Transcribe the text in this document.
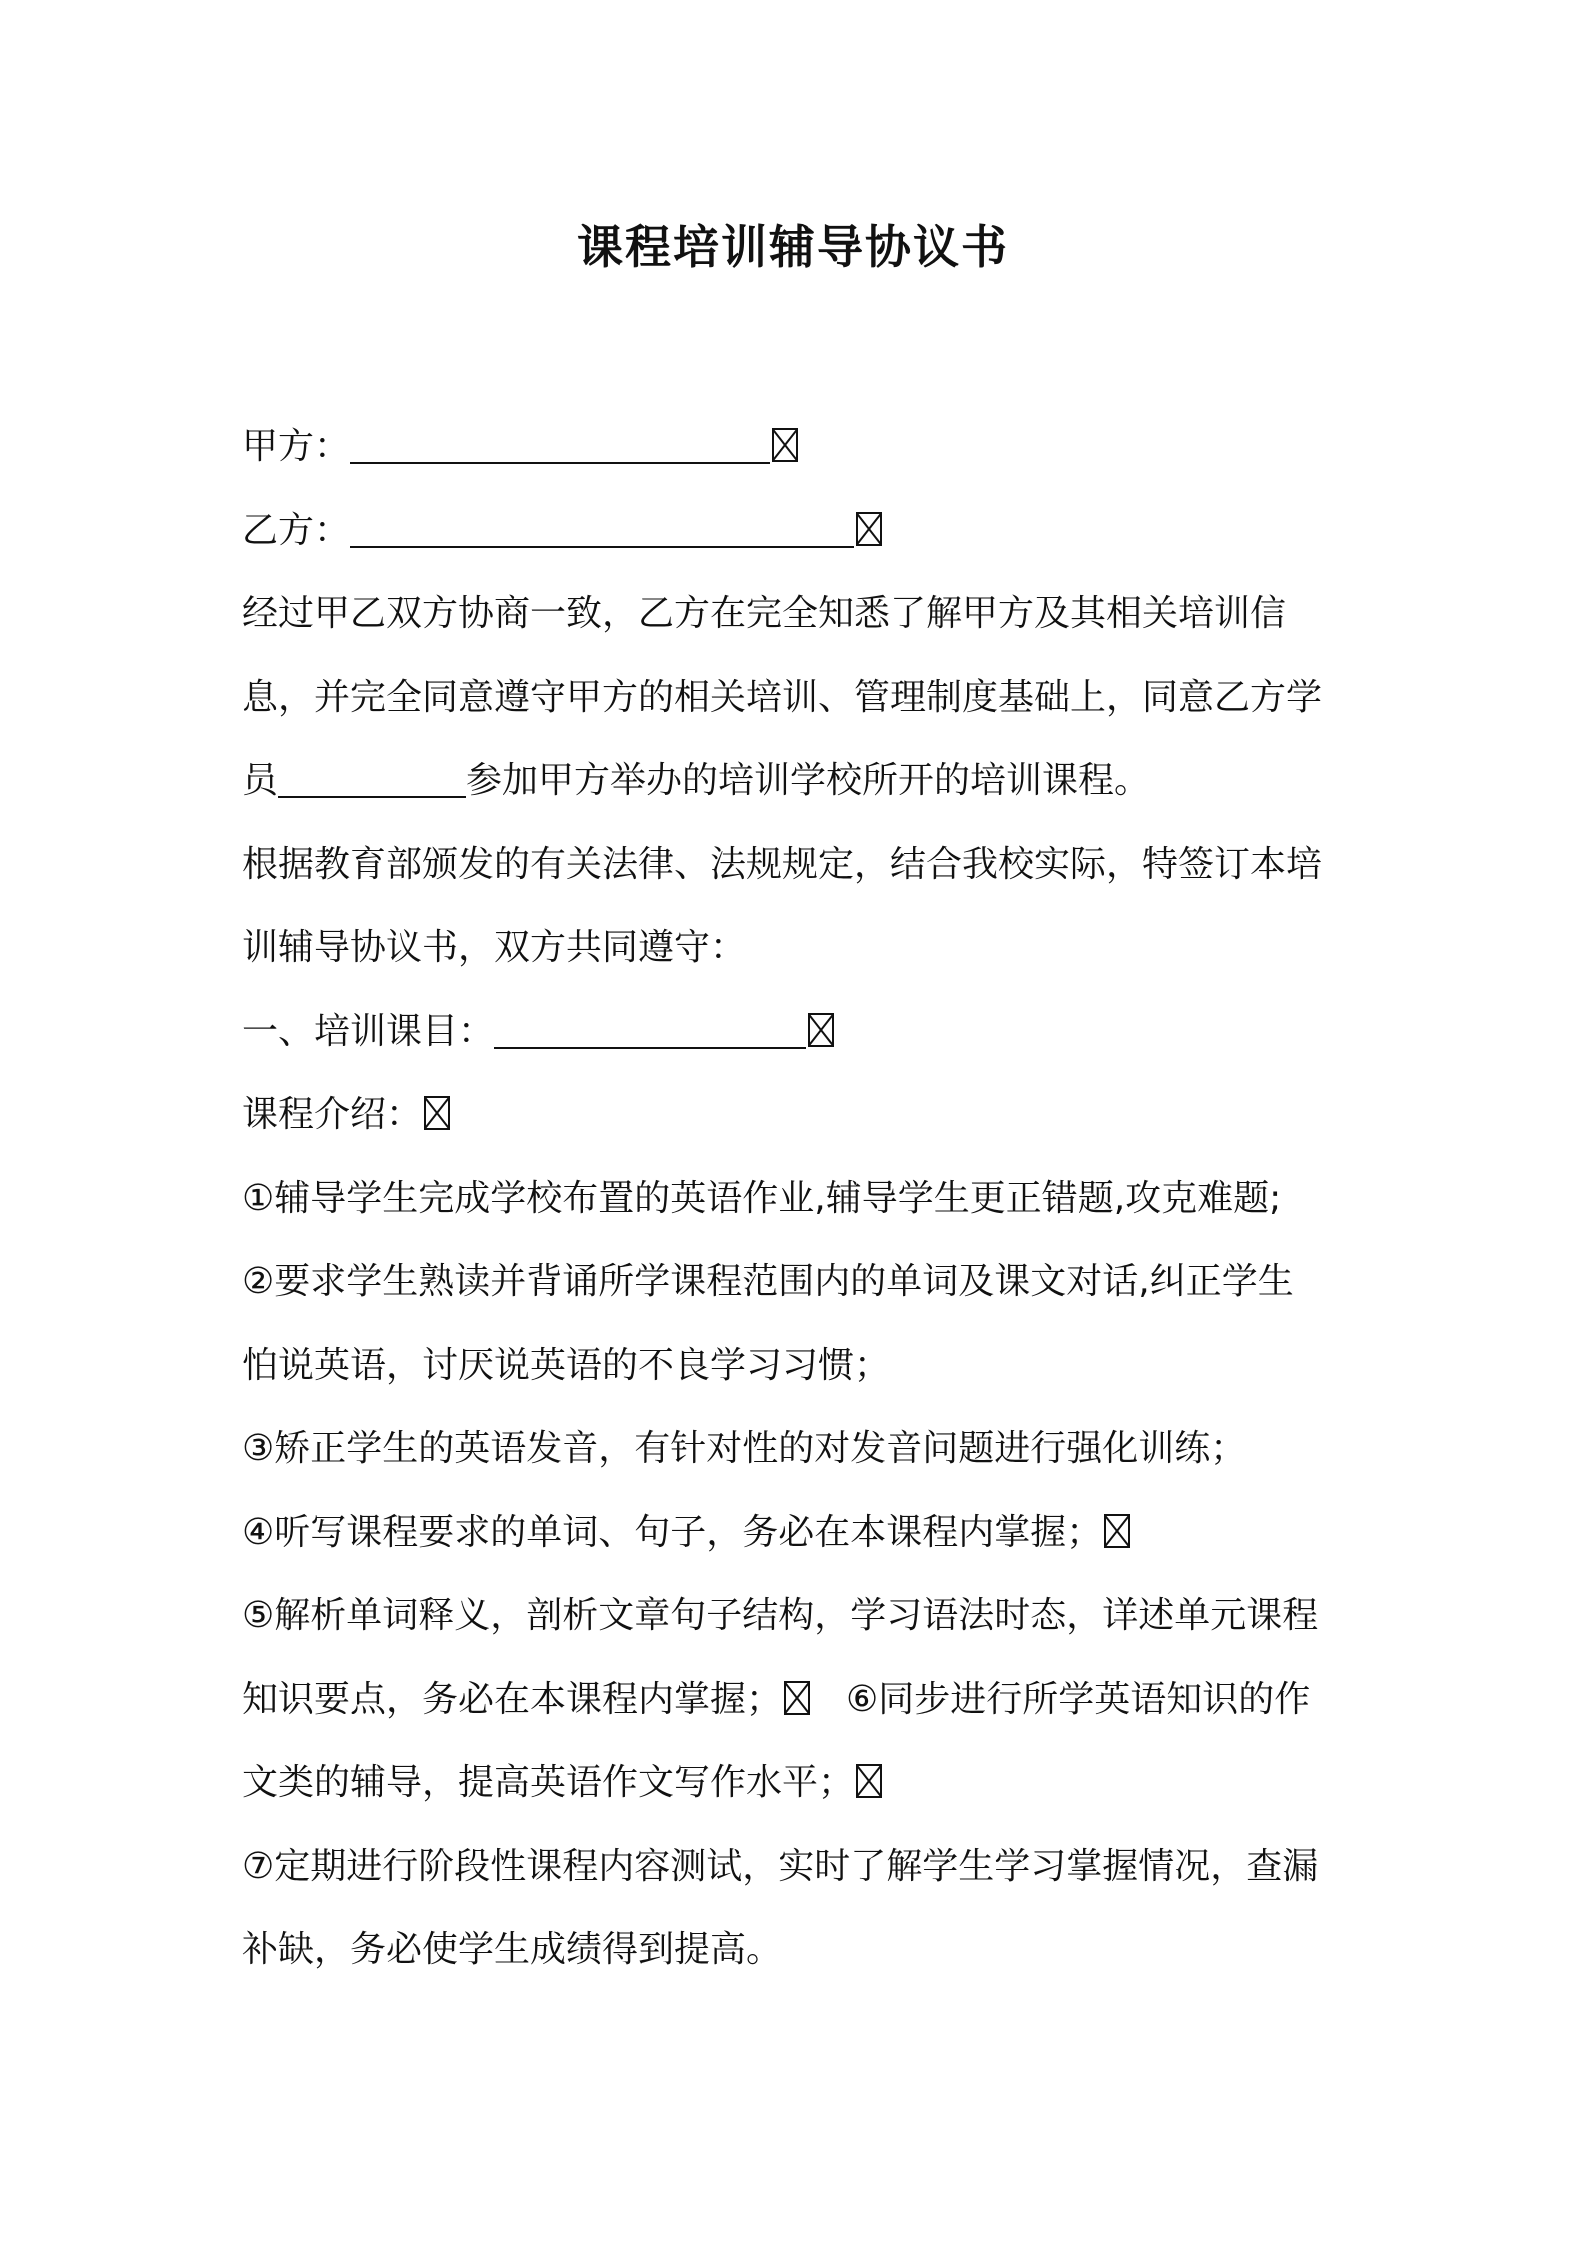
课程培训辅导协议书
甲方：
乙方：
经过甲乙双方协商一致，乙方在完全知悉了解甲方及其相关培训信
息，并完全同意遵守甲方的相关培训、管理制度基础上，同意乙方学
员	参加甲方举办的培训学校所开的培训课程。
根据教育部颁发的有关法律、法规规定，结合我校实际，特签订本培
训辅导协议书，双方共同遵守：
一、培训课目：
课程介绍：
①辅导学生完成学校布置的英语作业,辅导学生更正错题,攻克难题;
②要求学生熟读并背诵所学课程范围内的单词及课文对话,纠正学生
怕说英语，讨厌说英语的不良学习习惯；
③矫正学生的英语发音，有针对性的对发音问题进行强化训练；
④听写课程要求的单词、句子，务必在本课程内掌握；
⑤解析单词释义，剖析文章句子结构，学习语法时态，详述单元课程
知识要点，务必在本课程内掌握； ⑥同步进行所学英语知识的作
文类的辅导，提高英语作文写作水平；
⑦定期进行阶段性课程内容测试，实时了解学生学习掌握情况，查漏
补缺，务必使学生成绩得到提高。
